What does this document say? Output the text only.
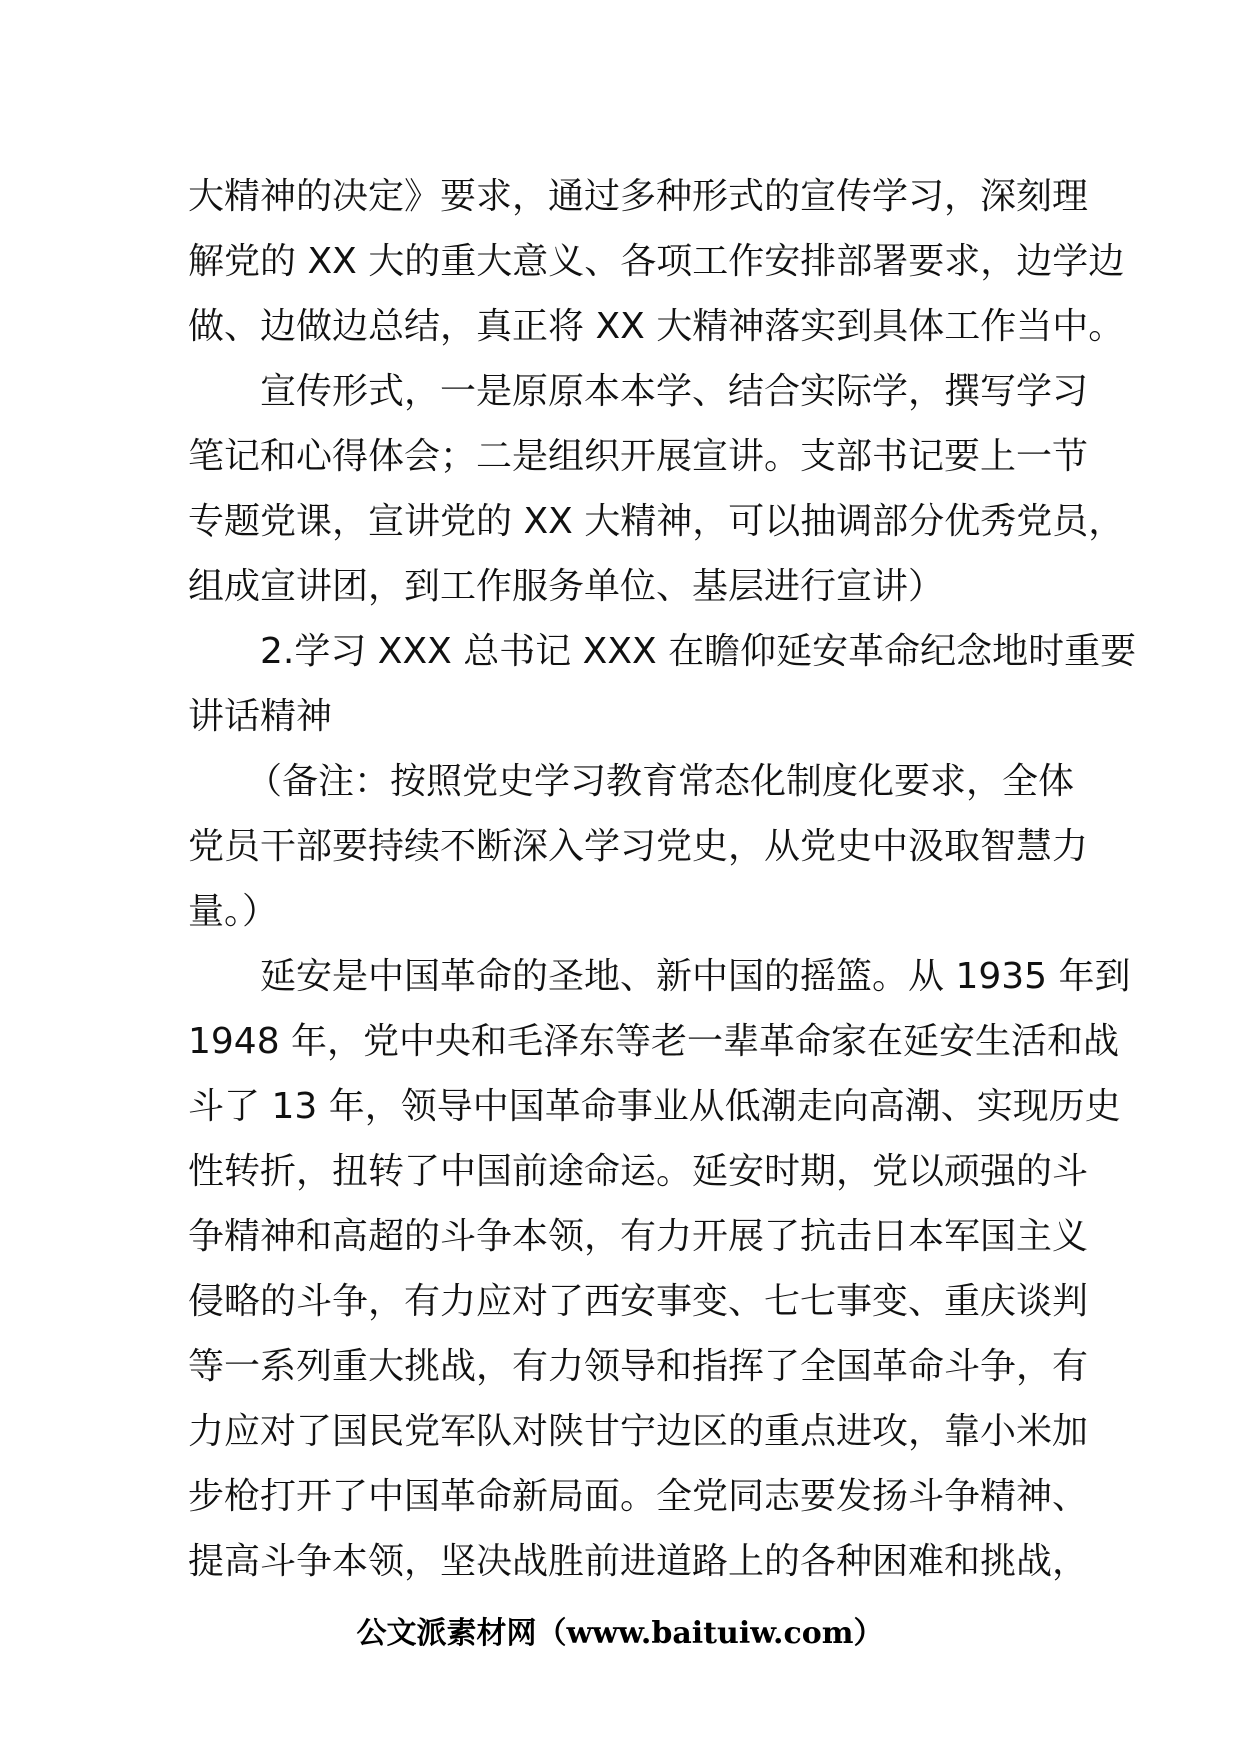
大精神的决定》要求，通过多种形式的宣传学习，深刻理
解党的 XX 大的重大意义、各项工作安排部署要求，边学边
做、边做边总结，真正将 XX 大精神落实到具体工作当中。
宣传形式，一是原原本本学、结合实际学，撰写学习
笔记和心得体会；二是组织开展宣讲。支部书记要上一节
专题党课，宣讲党的 XX 大精神，可以抽调部分优秀党员，
组成宣讲团，到工作服务单位、基层进行宣讲）
2.学习 XXX 总书记 XXX 在瞻仰延安革命纪念地时重要
讲话精神
（备注：按照党史学习教育常态化制度化要求，全体
党员干部要持续不断深入学习党史，从党史中汲取智慧力
量。）
延安是中国革命的圣地、新中国的摇篮。从 1935 年到
1948 年，党中央和毛泽东等老一辈革命家在延安生活和战
斗了 13 年，领导中国革命事业从低潮走向高潮、实现历史
性转折，扭转了中国前途命运。延安时期，党以顽强的斗
争精神和高超的斗争本领，有力开展了抗击日本军国主义
侵略的斗争，有力应对了西安事变、七七事变、重庆谈判
等一系列重大挑战，有力领导和指挥了全国革命斗争，有
力应对了国民党军队对陕甘宁边区的重点进攻，靠小米加
步枪打开了中国革命新局面。全党同志要发扬斗争精神、
提高斗争本领，坚决战胜前进道路上的各种困难和挑战，
公文派素材网（www.baituiw.com）
